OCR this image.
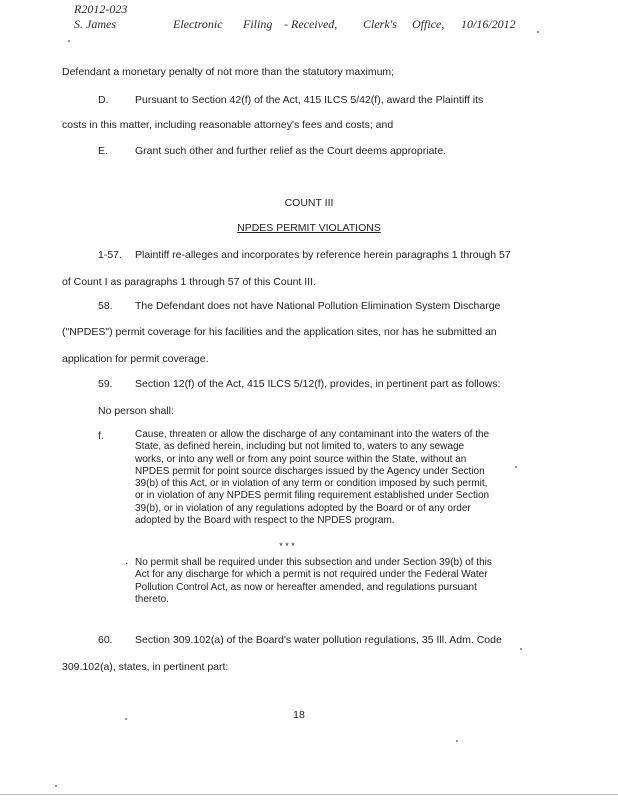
R2012-023
S. James	Electronic Filing - Received, Clerk's Office, 10/16/2012
Defendant a monetary penalty of not more than the statutory maximum;
D.	Pursuant to Section 42(f) of the Act, 415 ILCS 5/42(f), award the Plaintiff its
costs in this matter, including reasonable attorney's fees and costs; and
E.	Grant such other and further relief as the Court deems appropriate.
COUNT III
NPDES PERMIT VIOLATIONS
1-57. Plaintiff re-alleges and incorporates by reference herein paragraphs 1 through 57
of Count I as paragraphs 1 through 57 of this Count III.
58. The Defendant does not have National Pollution Elimination System Discharge
("NPDES") permit coverage for his facilities and the application sites, nor has he submitted an
application for permit coverage.
59. Section 12(f) of the Act, 415 ILCS 5/12(f), provides, in pertinent part as follows:
No person shall:
f.	Cause, threaten or allow the discharge of any contaminant into the waters of the
State, as defined herein, including but not limited to, waters to any sewage
works, or into any well or from any point source within the State, without an
NPDES permit for point source discharges issued by the Agency under Section
39(b) of this Act, or in violation of any term or condition imposed by such permit,
or in violation of any NPDES permit filing requirement established under Section
39(b), or in violation of any regulations adopted by the Board or of any order
adopted by the Board with respect to the NPDES program.
* * *
· No permit shall be required under this subsection and under Section 39(b) of this
Act for any discharge for which a permit is not required under the Federal Water
Pollution Control Act, as now or hereafter amended, and regulations pursuant
thereto.
60. Section 309.102(a) of the Board's water pollution regulations, 35 Ill. Adm. Code
309.102(a), states, in pertinent part:
18
